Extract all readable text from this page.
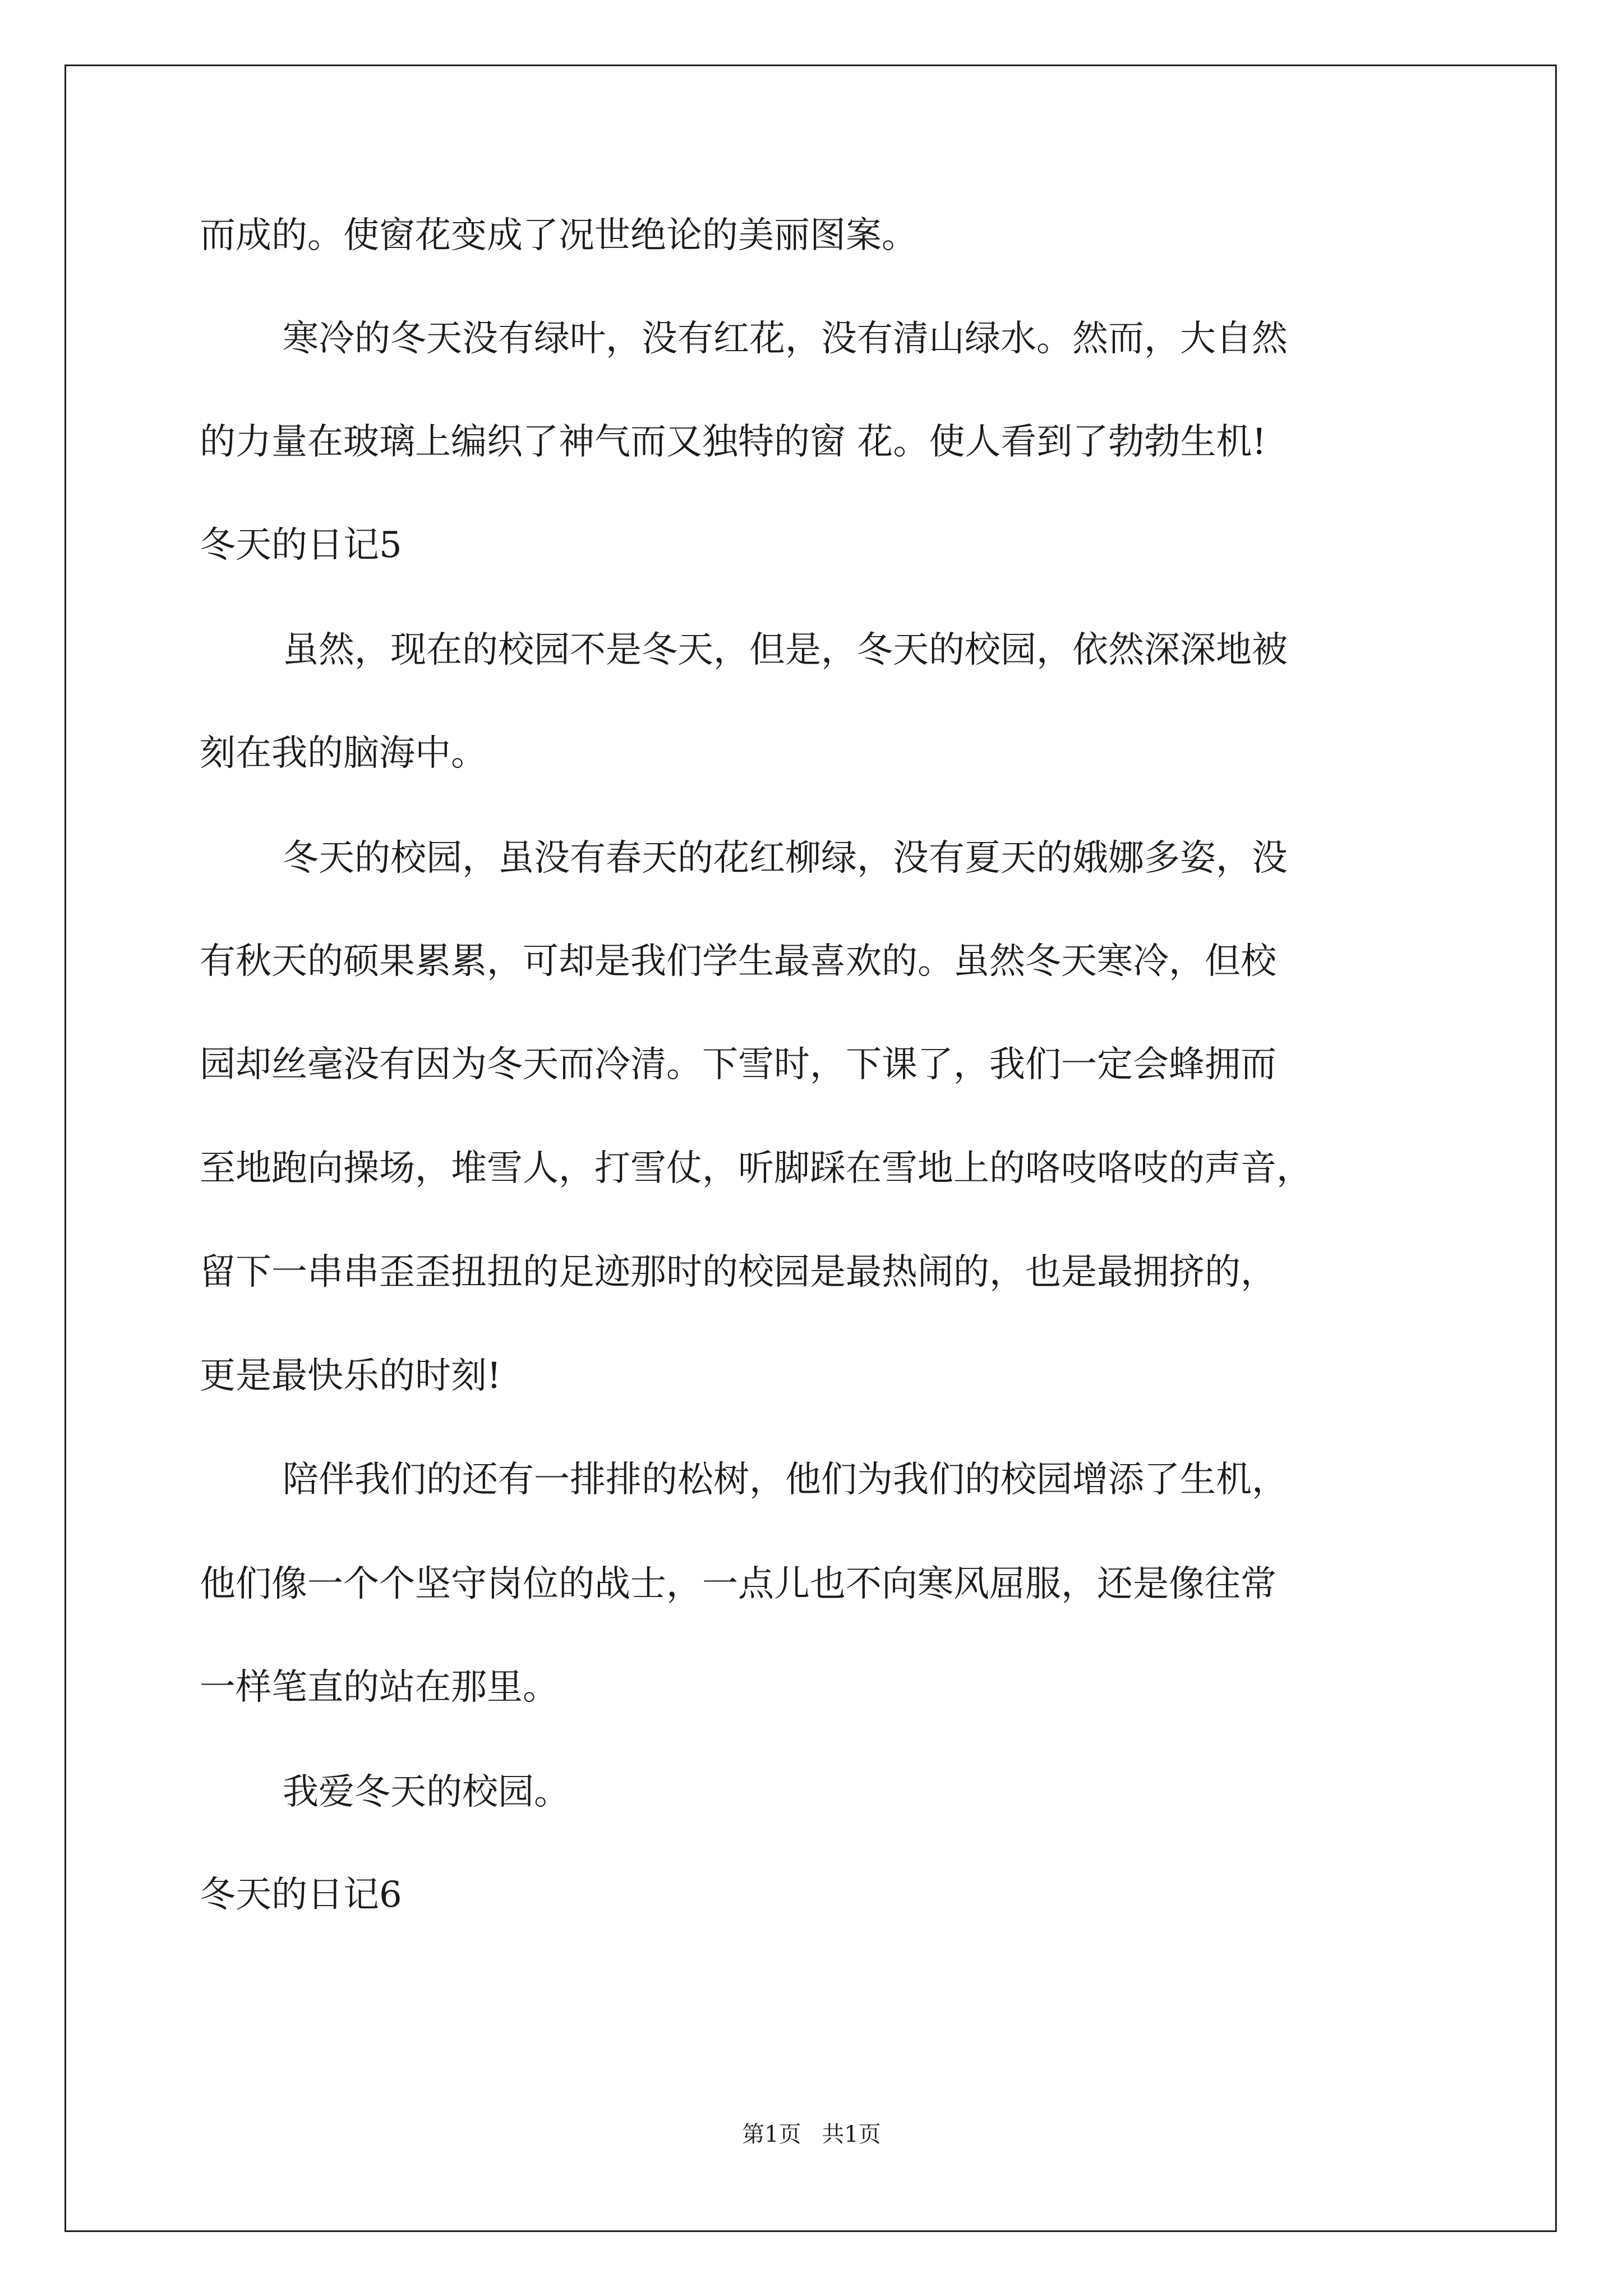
而成的。使窗花变成了况世绝论的美丽图案。
寒冷的冬天没有绿叶，没有红花，没有清山绿水。然而，大自然
的力量在玻璃上编织了神气而又独特的窗 花。使人看到了勃勃生机!
冬天的日记5
虽然，现在的校园不是冬天，但是，冬天的校园，依然深深地被
刻在我的脑海中。
冬天的校园，虽没有春天的花红柳绿，没有夏天的娥娜多姿，没
有秋天的硕果累累，可却是我们学生最喜欢的。虽然冬天寒冷，但校
园却丝毫没有因为冬天而冷清。下雪时，下课了，我们一定会蜂拥而
至地跑向操场，堆雪人，打雪仗，听脚踩在雪地上的咯吱咯吱的声音，
留下一串串歪歪扭扭的足迹那时的校园是最热闹的，也是最拥挤的，
更是最快乐的时刻!
陪伴我们的还有一排排的松树，他们为我们的校园增添了生机，
他们像一个个坚守岗位的战士，一点儿也不向寒风屈服，还是像往常
一样笔直的站在那里。
我爱冬天的校园。
冬天的日记6
第1页 共1页
